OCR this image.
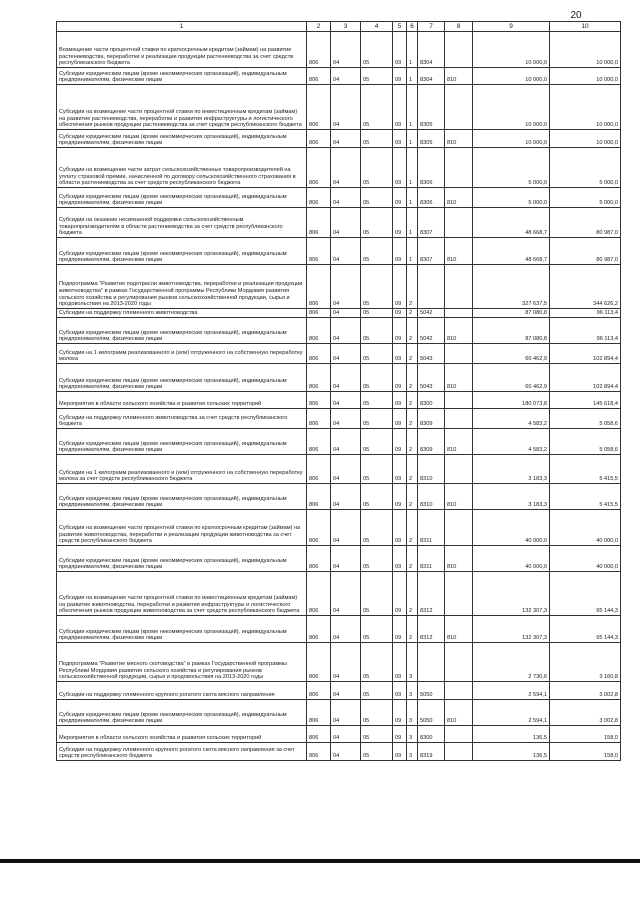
20
1	2	3	4	5	6	7	8	9	10
Возмещение части процентной ставки по краткосрочным кредитам (займам) на развитие растениеводства, переработки и реализации продукции растениеводства за счет средств республиканского бюджета	806	04	05	09	1	8304		10 000,0	10 000,0
Субсидии юридическим лицам (кроме некоммерческих организаций), индивидуальным предпринимателям, физическим лицам	806	04	05	09	1	8304	810	10 000,0	10 000,0
Субсидии на возмещение части процентной ставки по инвестиционным кредитам (займам) на развитие растениеводства, переработки и развития инфраструктуры и логистического обеспечения рынков продукции растениеводства за счет средств республиканского бюджета	806	04	05	09	1	8305		10 000,0	10 000,0
Субсидии юридическим лицам (кроме некоммерческих организаций), индивидуальным предпринимателям, физическим лицам	806	04	05	09	1	8305	810	10 000,0	10 000,0
Субсидии на возмещение части затрат сельскохозяйственных товаропроизводителей на уплату страховой премии, начисленной по договору сельскохозяйственного страхования в области растениеводства за счет средств республиканского бюджета	806	04	05	09	1	8306		5 000,0	5 000,0
Субсидии юридическим лицам (кроме некоммерческих организаций), индивидуальным предпринимателям, физическим лицам	806	04	05	09	1	8306	810	5 000,0	5 000,0
Субсидии на оказание несвязанной поддержки сельскохозяйственным товаропроизводителям в области растениеводства за счет средств республиканского бюджета	806	04	05	09	1	8307		48 668,7	80 987,0
Субсидии юридическим лицам (кроме некоммерческих организаций), индивидуальным предпринимателям, физическим лицам	806	04	05	09	1	8307	810	48 668,7	80 987,0
Подпрограмма "Развитие подотрасли животноводства, переработки и реализации продукции животноводства" в рамках Государственной программы Республики Мордовия развития сельского хозяйства и регулирования рынков сельскохозяйственной продукции, сырья и продовольствия на 2013-2020 годы	806	04	05	09	2			327 637,5	344 626,2
Субсидии на поддержку племенного животноводства	806	04	05	09	2	5042		87 080,8	96 113,4
Субсидии юридическим лицам (кроме некоммерческих организаций), индивидуальным предпринимателям, физическим лицам	806	04	05	09	2	5042	810	87 080,8	96 113,4
Субсидии на 1 килограмм реализованного и (или) отгруженного на собственную переработку молока	806	04	05	09	2	5043		60 462,9	102 894,4
Субсидии юридическим лицам (кроме некоммерческих организаций), индивидуальным предпринимателям, физическим лицам	806	04	05	09	2	5043	810	60 462,9	102 894,4
Мероприятия в области сельского хозяйства и развития сельских территорий	806	04	05	09	2	8300		180 073,8	145 618,4
Субсидии на поддержку племенного животноводства за счет средств республиканского бюджета	806	04	05	09	2	8309		4 583,2	5 058,6
Субсидии юридическим лицам (кроме некоммерческих организаций), индивидуальным предпринимателям, физическим лицам	806	04	05	09	2	8309	810	4 583,2	5 058,6
Субсидии на 1 килограмм реализованного и (или) отгруженного на собственную переработку молока за счет средств республиканского бюджета	806	04	05	09	2	8310		3 183,3	5 415,5
Субсидии юридическим лицам (кроме некоммерческих организаций), индивидуальным предпринимателям, физическим лицам	806	04	05	09	2	8310	810	3 183,3	5 415,5
Субсидии на возмещение части процентной ставки по краткосрочным кредитам (займам) на развитие животноводства, переработки и реализации продукции животноводства за счет средств республиканского бюджета	806	04	05	09	2	8311		40 000,0	40 000,0
Субсидии юридическим лицам (кроме некоммерческих организаций), индивидуальным предпринимателям, физическим лицам	806	04	05	09	2	8311	810	40 000,0	40 000,0
Субсидии на возмещение части процентной ставки по инвестиционным кредитам (займам) на развитие животноводства, переработки и развития инфраструктуры и логистического обеспечения рынков продукции животноводства за счет средств республиканского бюджета	806	04	05	09	2	8312		132 307,3	95 144,3
Субсидии юридическим лицам (кроме некоммерческих организаций), индивидуальным предпринимателям, физическим лицам	806	04	05	09	2	8312	810	132 307,3	95 144,3
Подпрограмма "Развитие мясного скотоводства" в рамках Государственной программы Республики Мордовия развития сельского хозяйства и регулирования рынков сельскохозяйственной продукции, сырья и продовольствия на 2013-2020 годы	806	04	05	09	3			2 730,6	3 160,8
Субсидии на поддержку племенного крупного рогатого скота мясного направления	806	04	05	09	3	5050		2 594,1	3 002,8
Субсидии юридическим лицам (кроме некоммерческих организаций), индивидуальным предпринимателям, физическим лицам	806	04	05	09	3	5050	810	2 594,1	3 002,8
Мероприятия в области сельского хозяйства и развития сельских территорий	806	04	05	09	3	8300		136,5	158,0
Субсидии на поддержку племенного крупного рогатого скота мясного направления за счет средств республиканского бюджета	806	04	05	09	3	8319		136,5	158,0
